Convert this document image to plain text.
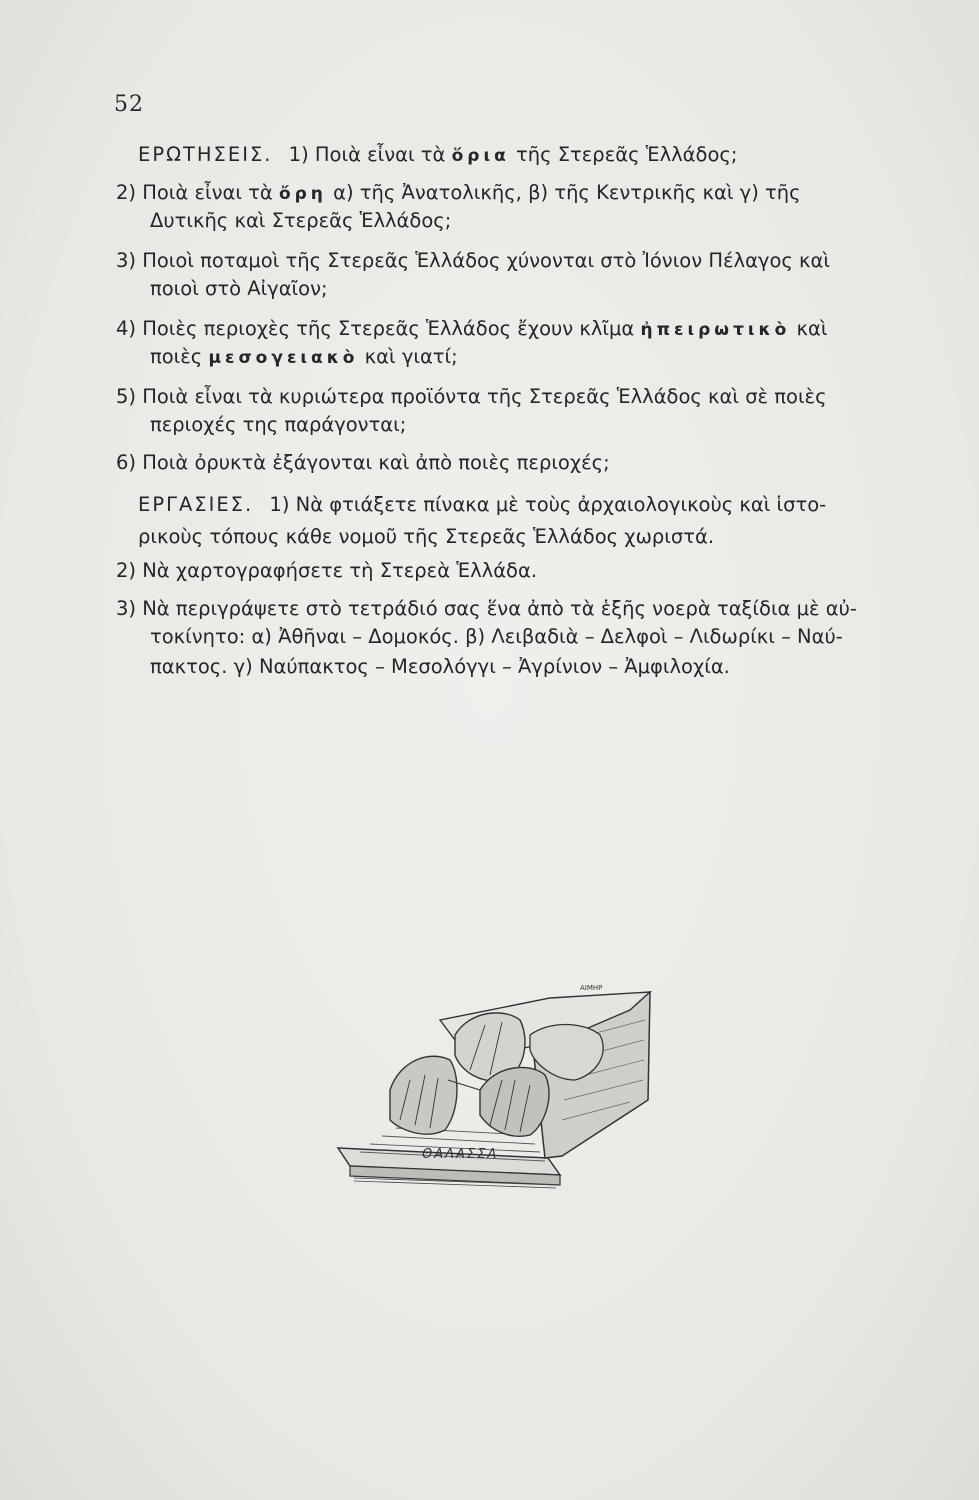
52
ΕΡΩΤΗΣΕΙΣ. 1) Ποιὰ εἶναι τὰ ὅρια τῆς Στερεᾶς Ἑλλάδος;
2) Ποιὰ εἶναι τὰ ὄρη α) τῆς Ἀνατολικῆς, β) τῆς Κεντρικῆς καὶ γ) τῆς
Δυτικῆς καὶ Στερεᾶς Ἑλλάδος;
3) Ποιοὶ ποταμοὶ τῆς Στερεᾶς Ἑλλάδος χύνονται στὸ Ἰόνιον Πέλαγος καὶ
ποιοὶ στὸ Αἰγαῖον;
4) Ποιὲς περιοχὲς τῆς Στερεᾶς Ἑλλάδος ἔχουν κλῖμα ἠπειρωτικὸ καὶ
ποιὲς μεσογειακὸ καὶ γιατί;
5) Ποιὰ εἶναι τὰ κυριώτερα προϊόντα τῆς Στερεᾶς Ἑλλάδος καὶ σὲ ποιὲς
περιοχές της παράγονται;
6) Ποιὰ ὀρυκτὰ ἐξάγονται καὶ ἀπὸ ποιὲς περιοχές;
ΕΡΓΑΣΙΕΣ. 1) Νὰ φτιάξετε πίνακα μὲ τοὺς ἀρχαιολογικοὺς καὶ ἱστο-
ρικοὺς τόπους κάθε νομοῦ τῆς Στερεᾶς Ἑλλάδος χωριστά.
2) Νὰ χαρτογραφήσετε τὴ Στερεὰ Ἑλλάδα.
3) Νὰ περιγράψετε στὸ τετράδιό σας ἕνα ἀπὸ τὰ ἑξῆς νοερὰ ταξίδια μὲ αὐ-
τοκίνητο: α) Ἀθῆναι – Δομοκός. β) Λειβαδιὰ – Δελφοὶ – Λιδωρίκι – Ναύ-
πακτος. γ) Ναύπακτος – Μεσολόγγι – Ἀγρίνιον – Ἀμφιλοχία.
ΘΑΛΑΣΣΑ
ΑΙΜΗΡ
